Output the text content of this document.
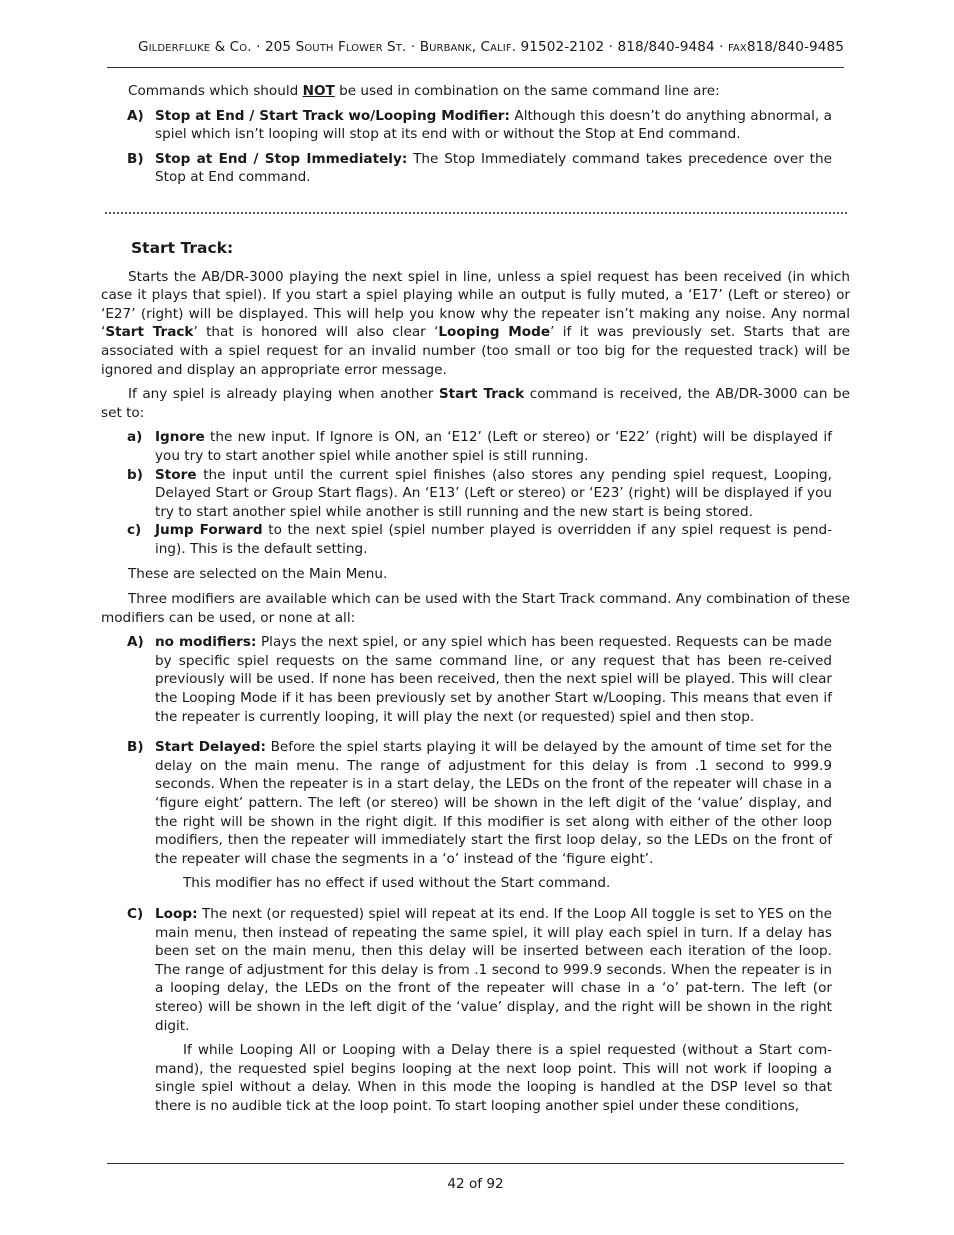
Gilderfluke & Co. · 205 South Flower St. · Burbank, Calif. 91502-2102 · 818/840-9484 · fax818/840-9485

Commands which should NOT be used in combination on the same command line are:

A) Stop at End / Start Track wo/Looping Modifier: Although this doesn’t do anything abnormal, a spiel which isn’t looping will stop at its end with or without the Stop at End command.
B) Stop at End / Stop Immediately: The Stop Immediately command takes precedence over the Stop at End command.
Start Track:

Starts the AB/DR-3000 playing the next spiel in line, unless a spiel request has been received (in which case it plays that spiel). If you start a spiel playing while an output is fully muted, a ‘E17’ (Left or stereo) or ‘E27’ (right) will be displayed. This will help you know why the repeater isn’t making any noise. Any normal ‘Start Track’ that is honored will also clear ‘Looping Mode’ if it was previously set. Starts that are associated with a spiel request for an invalid number (too small or too big for the requested track) will be ignored and display an appropriate error message.

If any spiel is already playing when another Start Track command is received, the AB/DR-3000 can be set to:

a) Ignore the new input. If Ignore is ON, an ‘E12’ (Left or stereo) or ‘E22’ (right) will be displayed if you try to start another spiel while another spiel is still running.
b) Store the input until the current spiel finishes (also stores any pending spiel request, Looping, Delayed Start or Group Start flags). An ‘E13’ (Left or stereo) or ‘E23’ (right) will be displayed if you try to start another spiel while another is still running and the new start is being stored.
c)	Jump Forward to the next spiel (spiel number played is overridden if any spiel request is pend-ing). This is the default setting.

These are selected on the Main Menu.

Three modifiers are available which can be used with the Start Track command. Any combination of these modifiers can be used, or none at all:

A) no modifiers: Plays the next spiel, or any spiel which has been requested. Requests can be made by specific spiel requests on the same command line, or any request that has been re-ceived previously will be used. If none has been received, then the next spiel will be played. This will clear the Looping Mode if it has been previously set by another Start w/Looping. This means that even if the repeater is currently looping, it will play the next (or requested) spiel and then stop.

B) Start Delayed: Before the spiel starts playing it will be delayed by the amount of time set for the delay on the main menu. The range of adjustment for this delay is from .1 second to 999.9 seconds. When the repeater is in a start delay, the LEDs on the front of the repeater will chase in a ‘figure eight’ pattern. The left (or stereo) will be shown in the left digit of the ‘value’ display, and the right will be shown in the right digit. If this modifier is set along with either of the other loop modifiers, then the repeater will immediately start the first loop delay, so the LEDs on the front of the repeater will chase the segments in a ‘o’ instead of the ‘figure eight’.

This modifier has no effect if used without the Start command.

C) Loop: The next (or requested) spiel will repeat at its end. If the Loop All toggle is set to YES on the main menu, then instead of repeating the same spiel, it will play each spiel in turn. If a delay has been set on the main menu, then this delay will be inserted between each iteration of the loop. The range of adjustment for this delay is from .1 second to 999.9 seconds. When the repeater is in a looping delay, the LEDs on the front of the repeater will chase in a ‘o’ pat-tern. The left (or stereo) will be shown in the left digit of the ‘value’ display, and the right will be shown in the right digit.

If while Looping All or Looping with a Delay there is a spiel requested (without a Start com-mand), the requested spiel begins looping at the next loop point. This will not work if looping a single spiel without a delay. When in this mode the looping is handled at the DSP level so that there is no audible tick at the loop point. To start looping another spiel under these conditions,

42 of 92
